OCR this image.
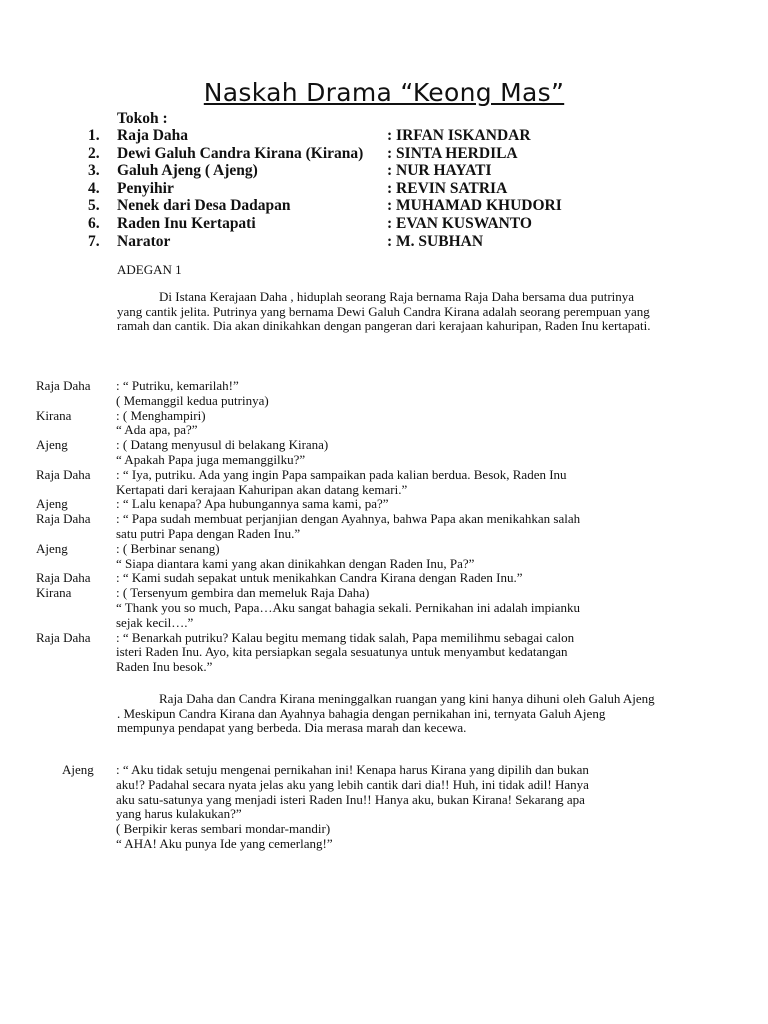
Naskah Drama “Keong Mas”
Tokoh :
1.	Raja Daha	: IRFAN ISKANDAR
2.	Dewi Galuh Candra Kirana (Kirana) : SINTA HERDILA
3.	Galuh Ajeng ( Ajeng)	: NUR HAYATI
4.	Penyihir	: REVIN SATRIA
5.	Nenek dari Desa Dadapan	: MUHAMAD KHUDORI
6.	Raden Inu Kertapati	: EVAN KUSWANTO
7.	Narator	: M. SUBHAN
ADEGAN 1
Di Istana Kerajaan Daha , hiduplah seorang Raja bernama Raja Daha bersama dua putrinya yang cantik jelita. Putrinya yang bernama Dewi Galuh Candra Kirana adalah seorang perempuan yang ramah dan cantik. Dia akan dinikahkan dengan pangeran dari kerajaan kahuripan, Raden Inu kertapati.
Raja Daha : “ Putriku, kemarilah!”
( Memanggil kedua putrinya)
Kirana	: ( Menghampiri)
“ Ada apa, pa?”
Ajeng	: ( Datang menyusul di belakang Kirana)
“ Apakah Papa juga memanggilku?”
Raja Daha : “ Iya, putriku. Ada yang ingin Papa sampaikan pada kalian berdua. Besok, Raden Inu
Kertapati dari kerajaan Kahuripan akan datang kemari.”
Ajeng	: “ Lalu kenapa? Apa hubungannya sama kami, pa?”
Raja Daha : “ Papa sudah membuat perjanjian dengan Ayahnya, bahwa Papa akan menikahkan salah
satu putri Papa dengan Raden Inu.”
Ajeng	: ( Berbinar senang)
“ Siapa diantara kami yang akan dinikahkan dengan Raden Inu, Pa?”
Raja Daha : “ Kami sudah sepakat untuk menikahkan Candra Kirana dengan Raden Inu.”
Kirana	: ( Tersenyum gembira dan memeluk Raja Daha)
“ Thank you so much, Papa…Aku sangat bahagia sekali. Pernikahan ini adalah impianku
sejak kecil….”
Raja Daha : “ Benarkah putriku? Kalau begitu memang tidak salah, Papa memilihmu sebagai calon
isteri Raden Inu. Ayo, kita persiapkan segala sesuatunya untuk menyambut kedatangan
Raden Inu besok.”
Raja Daha dan Candra Kirana meninggalkan ruangan yang kini hanya dihuni oleh Galuh Ajeng . Meskipun Candra Kirana dan Ayahnya bahagia dengan pernikahan ini, ternyata Galuh Ajeng mempunya pendapat yang berbeda. Dia merasa marah dan kecewa.
Ajeng : “ Aku tidak setuju mengenai pernikahan ini! Kenapa harus Kirana yang dipilih dan bukan
aku!? Padahal secara nyata jelas aku yang lebih cantik dari dia!! Huh, ini tidak adil! Hanya
aku satu-satunya yang menjadi isteri Raden Inu!! Hanya aku, bukan Kirana! Sekarang apa
yang harus kulakukan?”
( Berpikir keras sembari mondar-mandir)
“ AHA! Aku punya Ide yang cemerlang!”
